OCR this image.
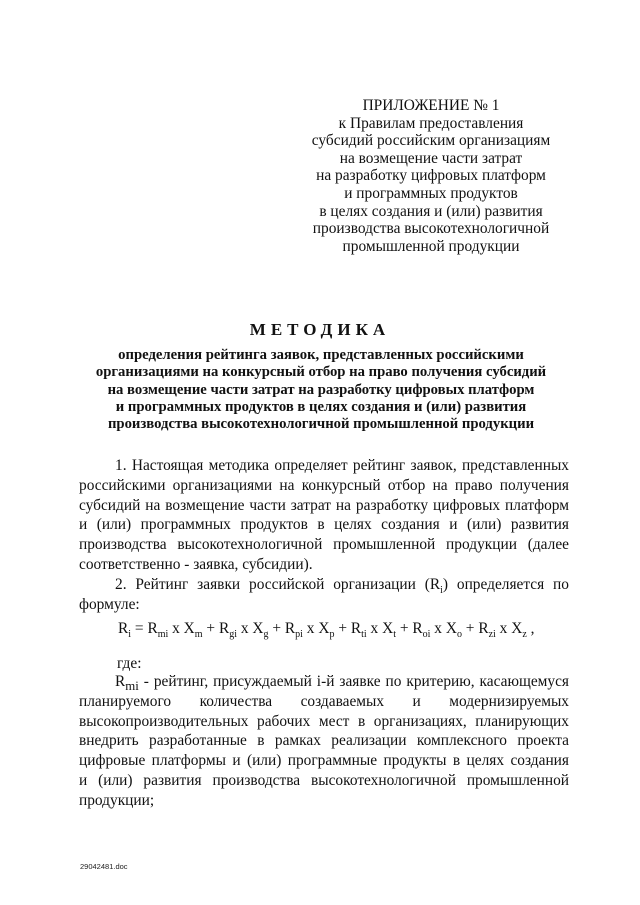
ПРИЛОЖЕНИЕ № 1
к Правилам предоставления
субсидий российским организациям
на возмещение части затрат
на разработку цифровых платформ
и программных продуктов
в целях создания и (или) развития
производства высокотехнологичной
промышленной продукции
МЕТОДИКА
определения рейтинга заявок, представленных российскими
организациями на конкурсный отбор на право получения субсидий
на возмещение части затрат на разработку цифровых платформ
и программных продуктов в целях создания и (или) развития
производства высокотехнологичной промышленной продукции
1. Настоящая методика определяет рейтинг заявок, представленных
российскими организациями на конкурсный отбор на право получения
субсидий на возмещение части затрат на разработку цифровых платформ
и (или) программных продуктов в целях создания и (или) развития
производства высокотехнологичной промышленной продукции (далее
соответственно - заявка, субсидии).
2. Рейтинг заявки российской организации $(R_i)$ определяется по
формуле:
$R_i = R_{mi}$ x $X_m + R_{gi}$ x $X_g + R_{pi}$ x $X_p + R_{ti}$ x $X_t + R_{oi}$ x $X_o + R_{zi}$ x $X_z$ ,
где:
$R_{mi}$ - рейтинг, присуждаемый i-й заявке по критерию, касающемуся
планируемого количества создаваемых и модернизируемых
высокопроизводительных рабочих мест в организациях, планирующих
внедрить разработанные в рамках реализации комплексного проекта
цифровые платформы и (или) программные продукты в целях создания
и (или) развития производства высокотехнологичной промышленной
продукции;
29042481.doc
